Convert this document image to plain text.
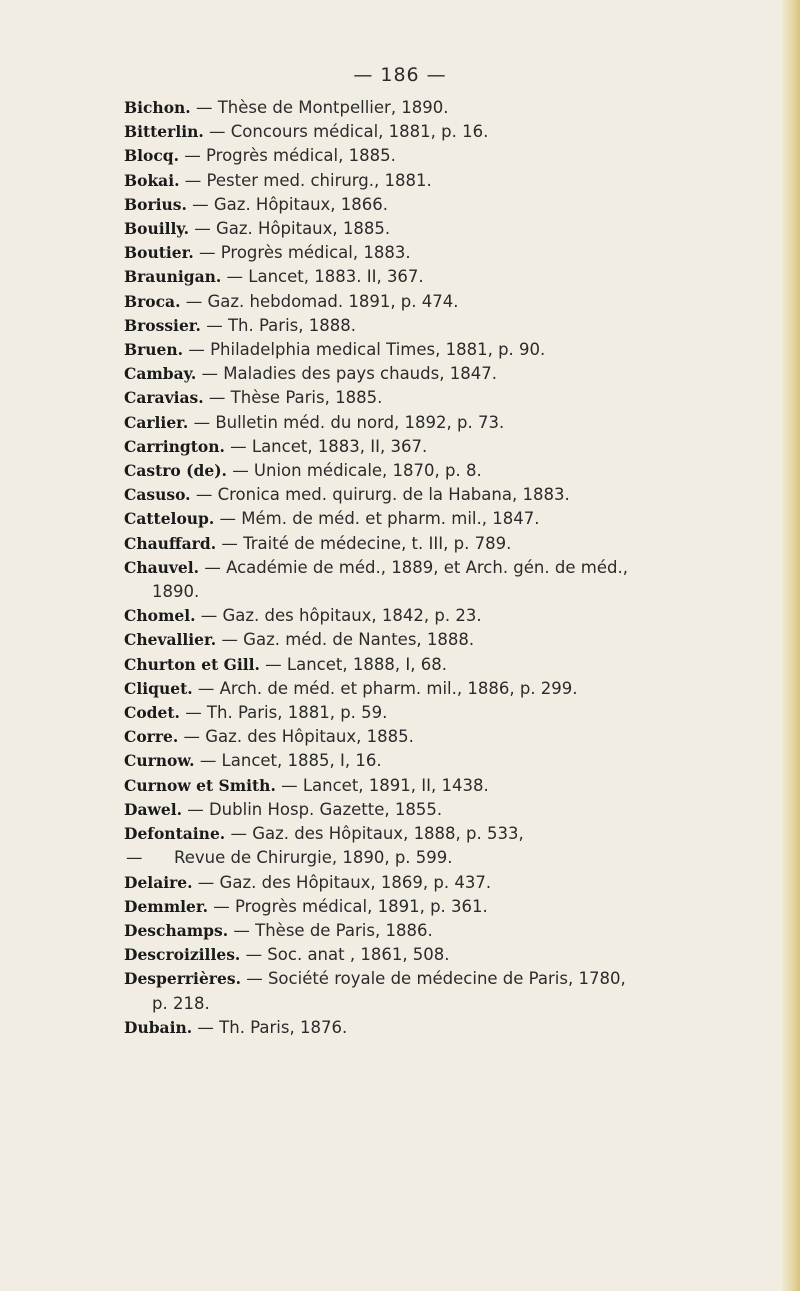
— 186 —
Bichon. — Thèse de Montpellier, 1890.
Bitterlin. — Concours médical, 1881, p. 16.
Blocq. — Progrès médical, 1885.
Bokai. — Pester med. chirurg., 1881.
Borius. — Gaz. Hôpitaux, 1866.
Bouilly. — Gaz. Hôpitaux, 1885.
Boutier. — Progrès médical, 1883.
Braunigan. — Lancet, 1883. II, 367.
Broca. — Gaz. hebdomad. 1891, p. 474.
Brossier. — Th. Paris, 1888.
Bruen. — Philadelphia medical Times, 1881, p. 90.
Cambay. — Maladies des pays chauds, 1847.
Caravias. — Thèse Paris, 1885.
Carlier. — Bulletin méd. du nord, 1892, p. 73.
Carrington. — Lancet, 1883, II, 367.
Castro (de). — Union médicale, 1870, p. 8.
Casuso. — Cronica med. quirurg. de la Habana, 1883.
Catteloup. — Mém. de méd. et pharm. mil., 1847.
Chauffard. — Traité de médecine, t. III, p. 789.
Chauvel. — Académie de méd., 1889, et Arch. gén. de méd.,
1890.
Chomel. — Gaz. des hôpitaux, 1842, p. 23.
Chevallier. — Gaz. méd. de Nantes, 1888.
Churton et Gill. — Lancet, 1888, I, 68.
Cliquet. — Arch. de méd. et pharm. mil., 1886, p. 299.
Codet. — Th. Paris, 1881, p. 59.
Corre. — Gaz. des Hôpitaux, 1885.
Curnow. — Lancet, 1885, I, 16.
Curnow et Smith. — Lancet, 1891, II, 1438.
Dawel. — Dublin Hosp. Gazette, 1855.
Defontaine. — Gaz. des Hôpitaux, 1888, p. 533,
— Revue de Chirurgie, 1890, p. 599.
Delaire. — Gaz. des Hôpitaux, 1869, p. 437.
Demmler. — Progrès médical, 1891, p. 361.
Deschamps. — Thèse de Paris, 1886.
Descroizilles. — Soc. anat , 1861, 508.
Desperrières. — Société royale de médecine de Paris, 1780,
p. 218.
Dubain. — Th. Paris, 1876.
